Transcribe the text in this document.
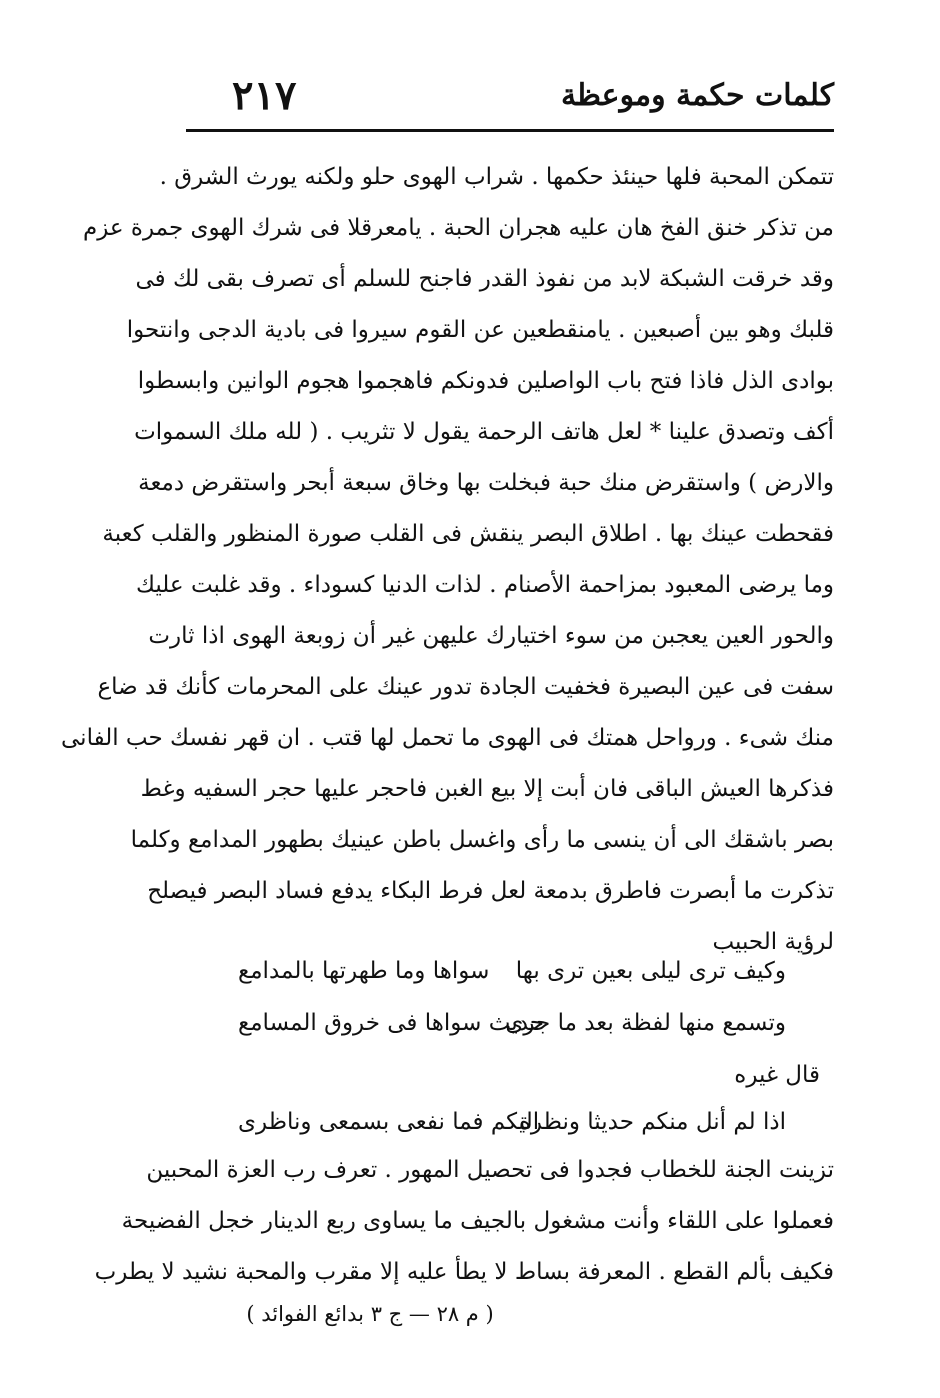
كلمات حكمة وموعظة
٢١٧
تتمكن المحبة فلها حينئذ حكمها . شراب الهوى حلو ولكنه يورث الشرق .
من تذكر خنق الفخ هان عليه هجران الحبة . يامعرقلا فى شرك الهوى جمرة عزم
وقد خرقت الشبكة لابد من نفوذ القدر فاجنح للسلم أى تصرف بقى لك فى
قلبك وهو بين أصبعين . يامنقطعين عن القوم سيروا فى بادية الدجى وانتحوا
بوادى الذل فاذا فتح باب الواصلين فدونكم فاهجموا هجوم الوانين وابسطوا
أكف وتصدق علينا * لعل هاتف الرحمة يقول لا تثريب . ( لله ملك السموات
والارض ) واستقرض منك حبة فبخلت بها وخاق سبعة أبحر واستقرض دمعة
فقحطت عينك بها . اطلاق البصر ينقش فى القلب صورة المنظور والقلب كعبة
وما يرضى المعبود بمزاحمة الأصنام . لذات الدنيا كسوداء . وقد غلبت عليك
والحور العين يعجبن من سوء اختيارك عليهن غير أن زوبعة الهوى اذا ثارت
سفت فى عين البصيرة فخفيت الجادة تدور عينك على المحرمات كأنك قد ضاع
منك شىء . ورواحل همتك فى الهوى ما تحمل لها قتب . ان قهر نفسك حب الفانى
فذكرها العيش الباقى فان أبت إلا بيع الغبن فاحجر عليها حجر السفيه وغط
بصر باشقك الى أن ينسى ما رأى واغسل باطن عينيك بطهور المدامع وكلما
تذكرت ما أبصرت فاطرق بدمعة لعل فرط البكاء يدفع فساد البصر فيصلح
لرؤية الحبيب
وكيف ترى ليلى بعين ترى بها
سواها وما طهرتها بالمدامع
وتسمع منها لفظة بعد ما جرى
حديث سواها فى خروق المسامع
قال غيره
اذا لم أنل منكم حديثا ونظرة
اليكم فما نفعى بسمعى وناظرى
تزينت الجنة للخطاب فجدوا فى تحصيل المهور . تعرف رب العزة المحبين
فعملوا على اللقاء وأنت مشغول بالجيف ما يساوى ربع الدينار خجل الفضيحة
فكيف بألم القطع . المعرفة بساط لا يطأ عليه إلا مقرب والمحبة نشيد لا يطرب
( م ٢٨ — ج ٣ بدائع الفوائد )
